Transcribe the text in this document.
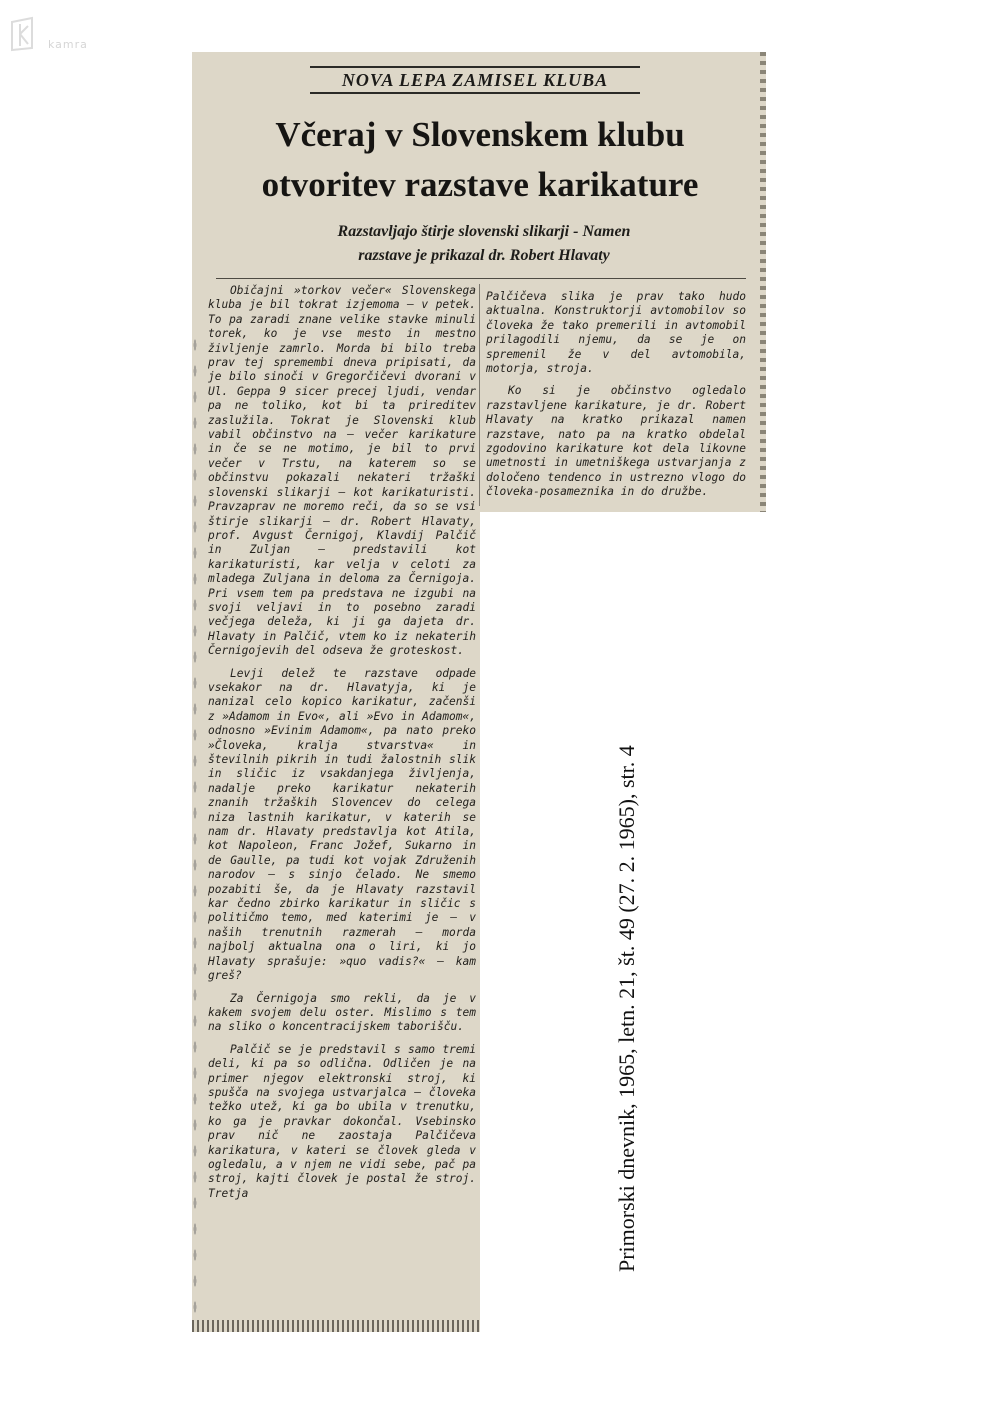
kamra
NOVA LEPA ZAMISEL KLUBA
Včeraj v Slovenskem klubu
otvoritev razstave karikature
Razstavljajo štirje slovenski slikarji - Namen
razstave je prikazal dr. Robert Hlavaty

Običajni »torkov večer« Slovenskega kluba je bil tokrat izjemoma — v petek. To pa zaradi znane velike stavke minuli torek, ko je vse mesto in mestno življenje zamrlo. Morda bi bilo treba prav tej spremembi dneva pripisati, da je bilo sinoči v Gregorčičevi dvorani v Ul. Geppa 9 sicer precej ljudi, vendar pa ne toliko, kot bi ta prireditev zaslužila. Tokrat je Slovenski klub vabil občinstvo na — večer karikature in če se ne motimo, je bil to prvi večer v Trstu, na katerem so se občinstvu pokazali nekateri tržaški slovenski slikarji — kot karikaturisti. Pravzaprav ne moremo reči, da so se vsi štirje slikarji — dr. Robert Hlavaty, prof. Avgust Černigoj, Klavdij Palčič in Zuljan — predstavili kot karikaturisti, kar velja v celoti za mladega Zuljana in deloma za Černigoja. Pri vsem tem pa predstava ne izgubi na svoji veljavi in to posebno zaradi večjega deleža, ki ji ga dajeta dr. Hlavaty in Palčič, vtem ko iz nekaterih Černigojevih del odseva že groteskost.

Levji delež te razstave odpade vsekakor na dr. Hlavatyja, ki je nanizal celo kopico karikatur, začenši z »Adamom in Evo«, ali »Evo in Adamom«, odnosno »Evinim Adamom«, pa nato preko »Človeka, kralja stvarstva« in številnih pikrih in tudi žalostnih slik in sličic iz vsakdanjega življenja, nadalje preko karikatur nekaterih znanih tržaških Slovencev do celega niza lastnih karikatur, v katerih se nam dr. Hlavaty predstavlja kot Atila, kot Napoleon, Franc Jožef, Sukarno in de Gaulle, pa tudi kot vojak Združenih narodov — s sinjo čelado. Ne smemo pozabiti še, da je Hlavaty razstavil kar čedno zbirko karikatur in sličic s političmo temo, med katerimi je — v naših trenutnih razmerah — morda najbolj aktualna ona o liri, ki jo Hlavaty sprašuje: »quo vadis?« — kam greš?

Za Černigoja smo rekli, da je v kakem svojem delu oster. Mislimo s tem na sliko o koncentracijskem taborišču.

Palčič se je predstavil s samo tremi deli, ki pa so odlična. Odličen je na primer njegov elektronski stroj, ki spušča na svojega ustvarjalca — človeka težko utež, ki ga bo ubila v trenutku, ko ga je pravkar dokončal. Vsebinsko prav nič ne zaostaja Palčičeva karikatura, v kateri se človek gleda v ogledalu, a v njem ne vidi sebe, pač pa stroj, kajti človek je postal že stroj. Tretja

Palčičeva slika je prav tako hudo aktualna. Konstruktorji avtomobilov so človeka že tako premerili in avtomobil prilagodili njemu, da se je on spremenil že v del avtomobila, motorja, stroja.

Ko si je občinstvo ogledalo razstavljene karikature, je dr. Robert Hlavaty na kratko prikazal namen razstave, nato pa na kratko obdelal zgodovino karikature kot dela likovne umetnosti in umetniškega ustvarjanja z določeno tendenco in ustrezno vlogo do človeka-posameznika in do družbe.

Primorski dnevnik, 1965, letn. 21, št. 49 (27. 2. 1965), str. 4
